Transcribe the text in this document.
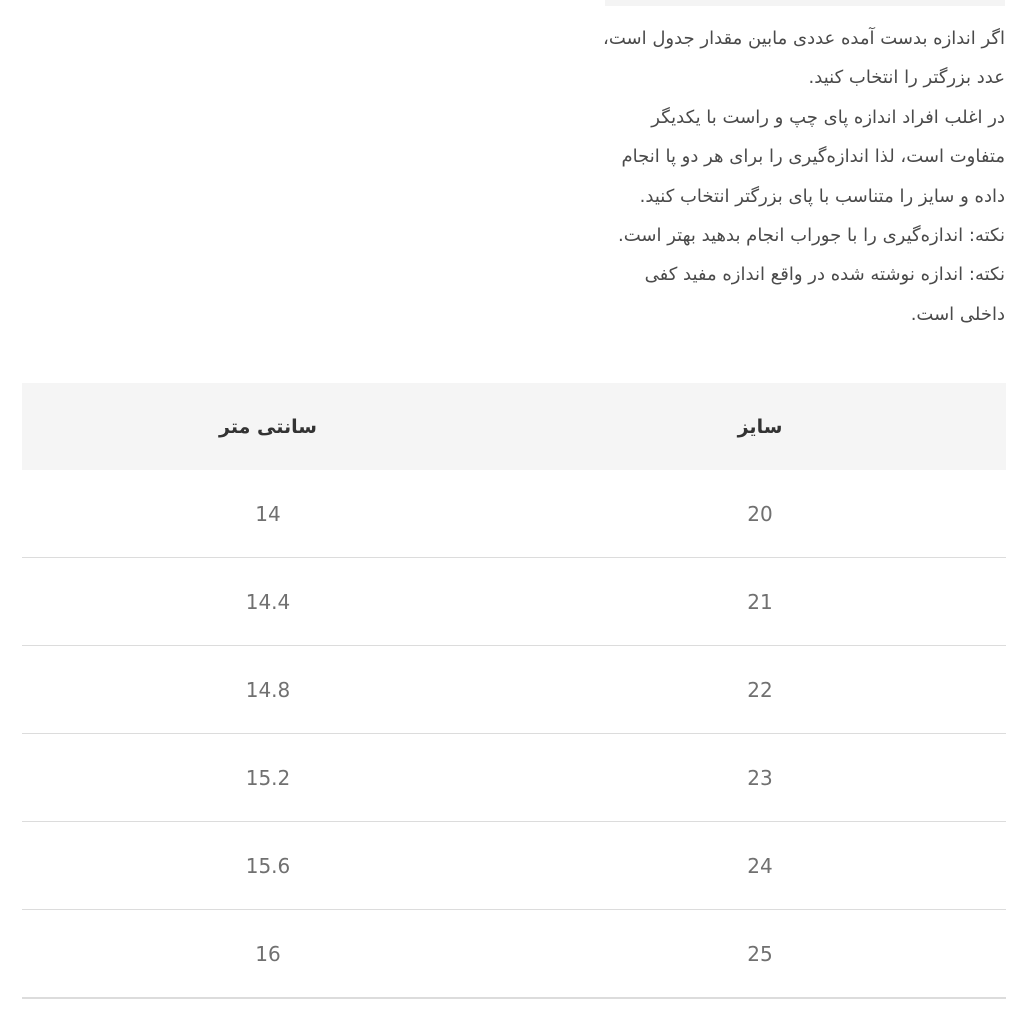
اگر اندازه بدست آمده عددی مابین مقدار جدول است،

عدد بزرگتر را انتخاب کنید.

در اغلب افراد اندازه پای چپ و راست با یکدیگر

متفاوت است، لذا اندازه‌گیری را برای هر دو پا انجام

داده و سایز را متناسب با پای بزرگتر انتخاب کنید.

نکته: اندازه‌گیری را با جوراب انجام بدهید بهتر است.

نکته: اندازه نوشته شده در واقع اندازه مفید کفی

داخلی است.

سانتی متر	سایز
14	20
14.4	21
14.8	22
15.2	23
15.6	24
16	25
